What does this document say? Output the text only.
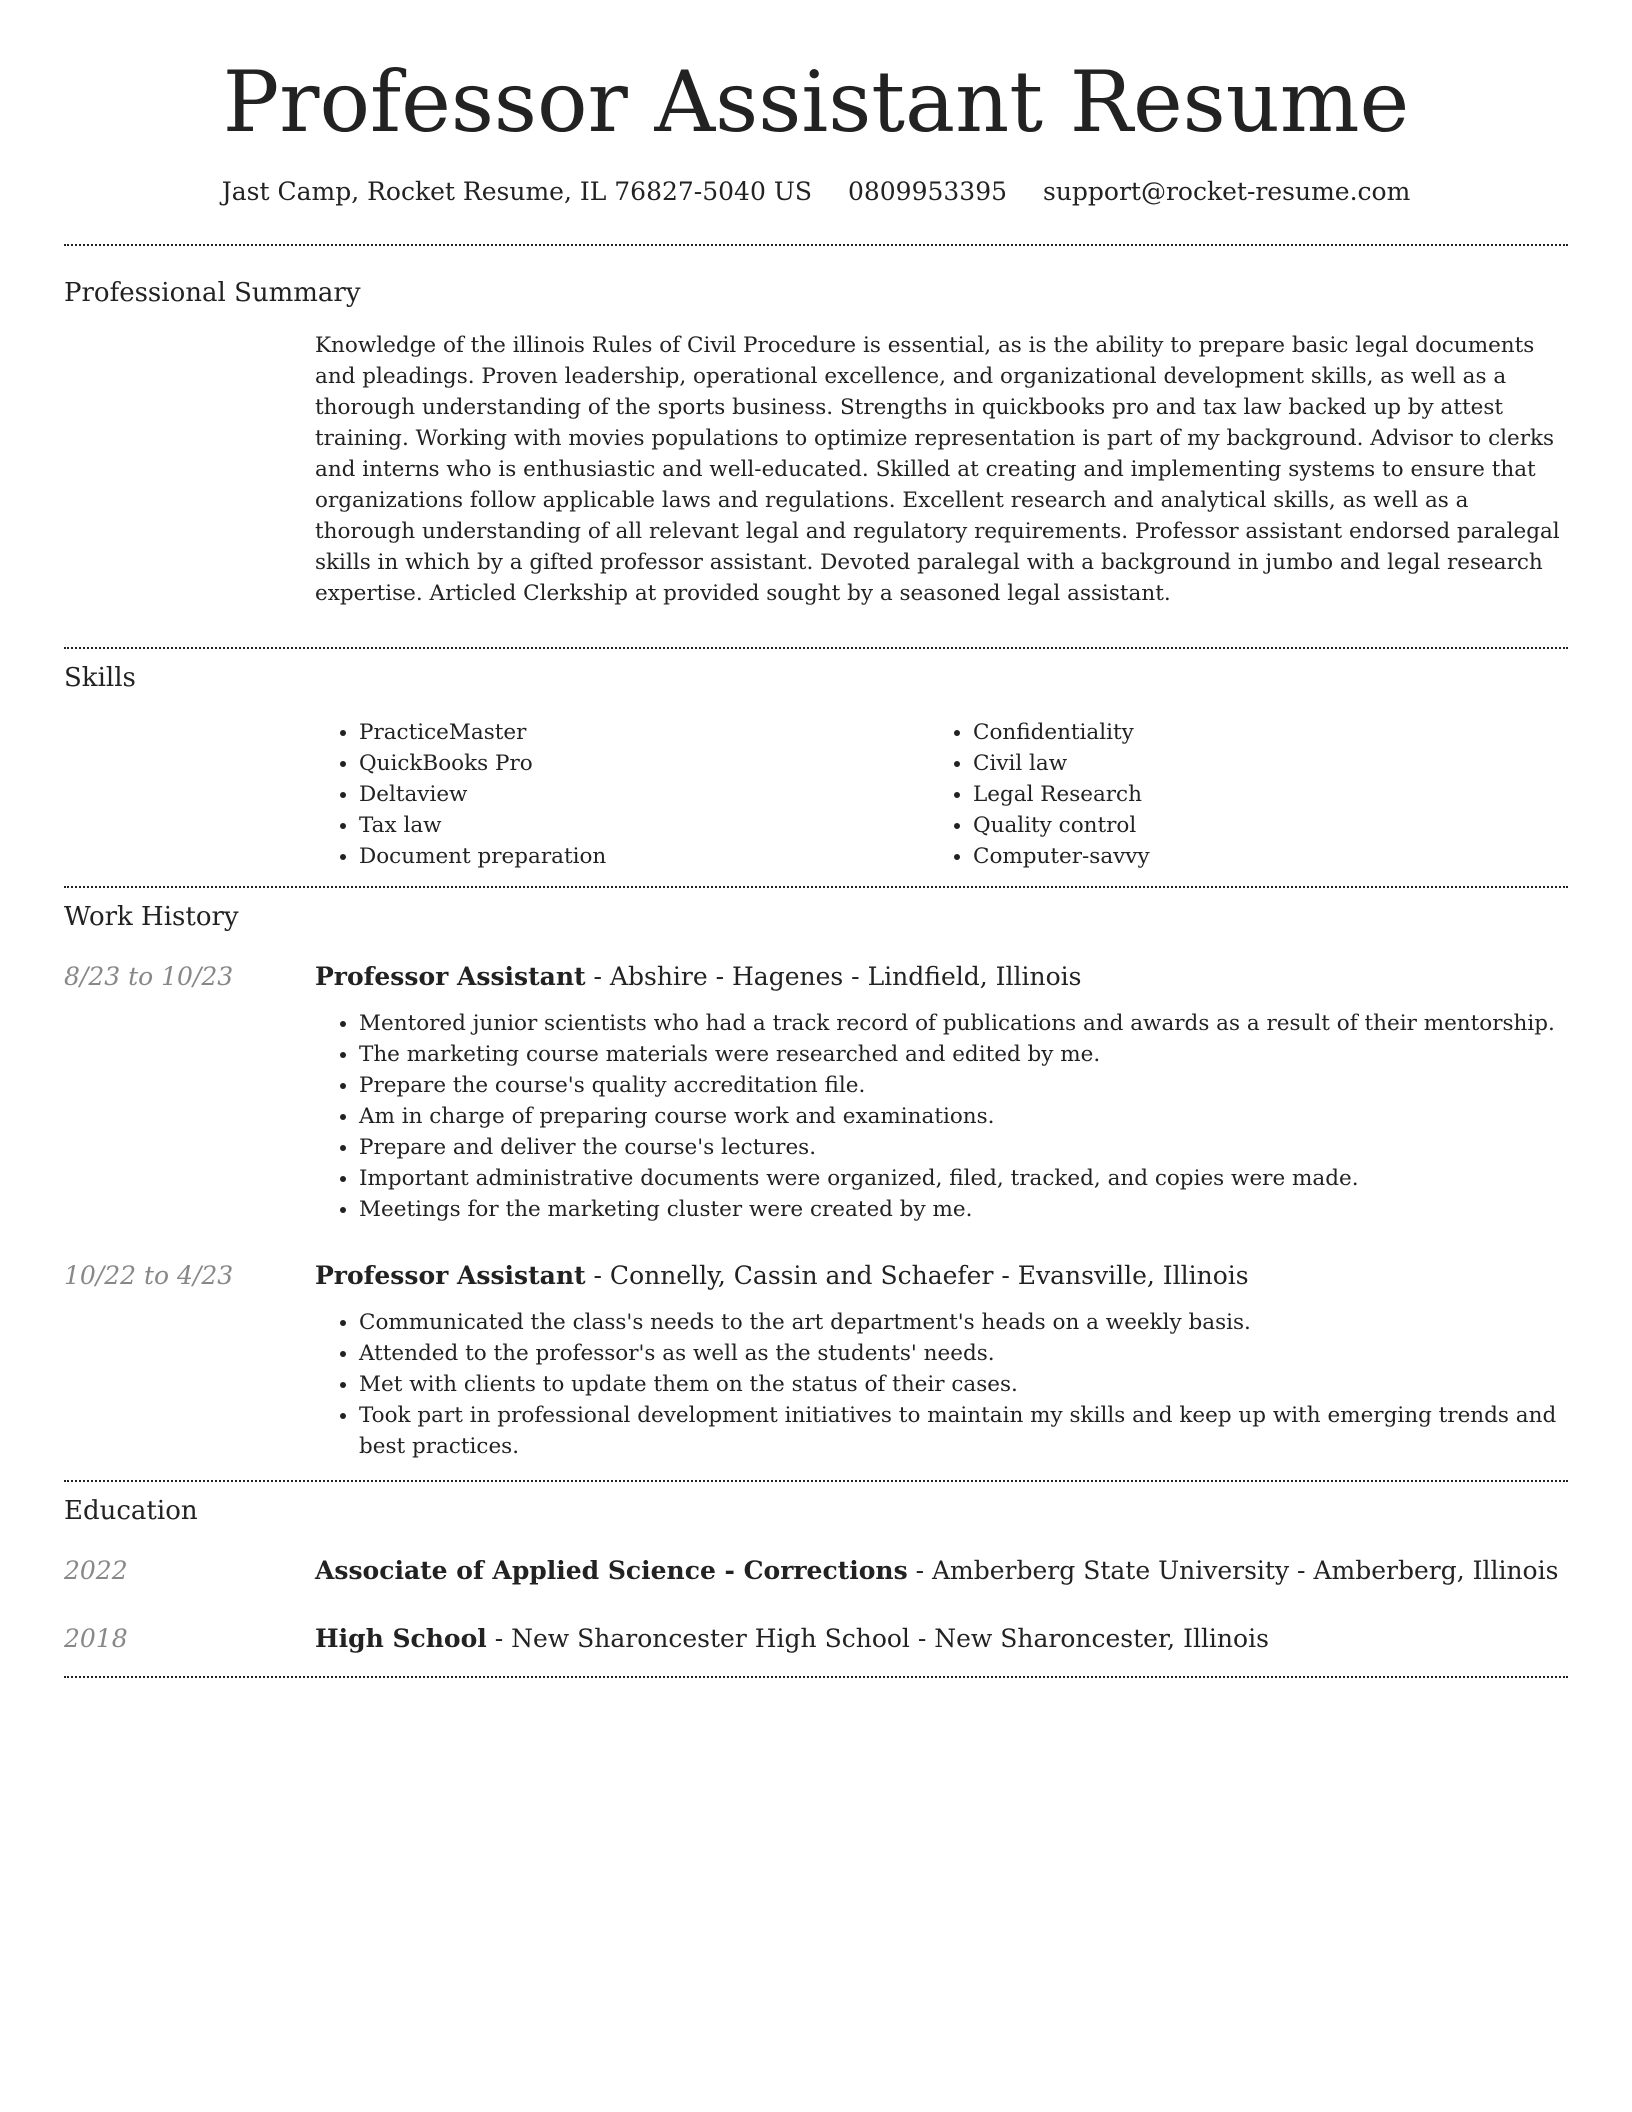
Professor Assistant Resume
Jast Camp, Rocket Resume, IL 76827-5040 US 0809953395 support@rocket-resume.com
Professional Summary

Knowledge of the illinois Rules of Civil Procedure is essential, as is the ability to prepare basic legal documents and pleadings. Proven leadership, operational excellence, and organizational development skills, as well as a thorough understanding of the sports business. Strengths in quickbooks pro and tax law backed up by attest training. Working with movies populations to optimize representation is part of my background. Advisor to clerks and interns who is enthusiastic and well-educated. Skilled at creating and implementing systems to ensure that organizations follow applicable laws and regulations. Excellent research and analytical skills, as well as a thorough understanding of all relevant legal and regulatory requirements. Professor assistant endorsed paralegal skills in which by a gifted professor assistant. Devoted paralegal with a background in jumbo and legal research expertise. Articled Clerkship at provided sought by a seasoned legal assistant.

Skills
• PracticeMaster
• QuickBooks Pro
• Deltaview
• Tax law
• Document preparation
• Confidentiality
• Civil law
• Legal Research
• Quality control
• Computer-savvy
Work History
8/23 to 10/23	Professor Assistant - Abshire - Hagenes - Lindfield, Illinois

• Mentored junior scientists who had a track record of publications and awards as a result of their mentorship.
• The marketing course materials were researched and edited by me.
• Prepare the course's quality accreditation file.
• Am in charge of preparing course work and examinations.
• Prepare and deliver the course's lectures.
• Important administrative documents were organized, filed, tracked, and copies were made.
• Meetings for the marketing cluster were created by me.
10/22 to 4/23	Professor Assistant - Connelly, Cassin and Schaefer - Evansville, Illinois

• Communicated the class's needs to the art department's heads on a weekly basis.
• Attended to the professor's as well as the students' needs.
• Met with clients to update them on the status of their cases.
• Took part in professional development initiatives to maintain my skills and keep up with emerging trends and best practices.
Education
2022	Associate of Applied Science - Corrections - Amberberg State University - Amberberg, Illinois

2018	High School - New Sharoncester High School - New Sharoncester, Illinois
